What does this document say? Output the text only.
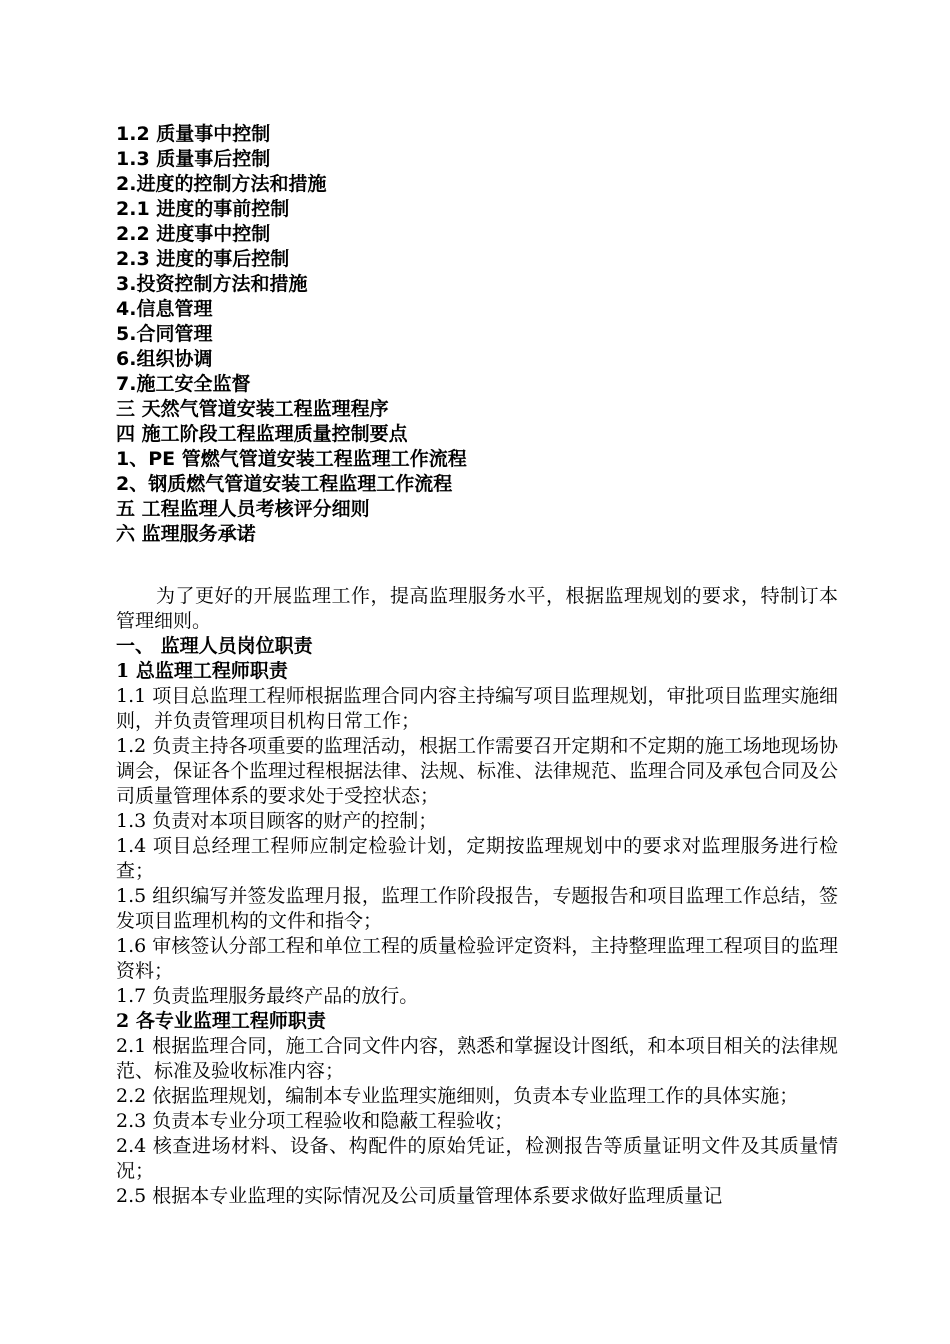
1.2 质量事中控制
1.3 质量事后控制
2.进度的控制方法和措施
2.1 进度的事前控制
2.2 进度事中控制
2.3 进度的事后控制
3.投资控制方法和措施
4.信息管理
5.合同管理
6.组织协调
7.施工安全监督
三 天然气管道安装工程监理程序
四 施工阶段工程监理质量控制要点
1、PE 管燃气管道安装工程监理工作流程
2、钢质燃气管道安装工程监理工作流程
五 工程监理人员考核评分细则
六 监理服务承诺

为了更好的开展监理工作，提高监理服务水平，根据监理规划的要求，特制订本管理细则。

一、 监理人员岗位职责

1 总监理工程师职责

1.1 项目总监理工程师根据监理合同内容主持编写项目监理规划，审批项目监理实施细则，并负责管理项目机构日常工作；

1.2 负责主持各项重要的监理活动，根据工作需要召开定期和不定期的施工场地现场协调会，保证各个监理过程根据法律、法规、标准、法律规范、监理合同及承包合同及公司质量管理体系的要求处于受控状态；

1.3 负责对本项目顾客的财产的控制；

1.4 项目总经理工程师应制定检验计划，定期按监理规划中的要求对监理服务进行检查；

1.5 组织编写并签发监理月报，监理工作阶段报告，专题报告和项目监理工作总结，签发项目监理机构的文件和指令；

1.6 审核签认分部工程和单位工程的质量检验评定资料，主持整理监理工程项目的监理资料；

1.7 负责监理服务最终产品的放行。

2 各专业监理工程师职责

2.1 根据监理合同，施工合同文件内容，熟悉和掌握设计图纸，和本项目相关的法律规范、标准及验收标准内容；

2.2 依据监理规划，编制本专业监理实施细则，负责本专业监理工作的具体实施；

2.3 负责本专业分项工程验收和隐蔽工程验收；

2.4 核查进场材料、设备、构配件的原始凭证，检测报告等质量证明文件及其质量情况；

2.5 根据本专业监理的实际情况及公司质量管理体系要求做好监理质量记
